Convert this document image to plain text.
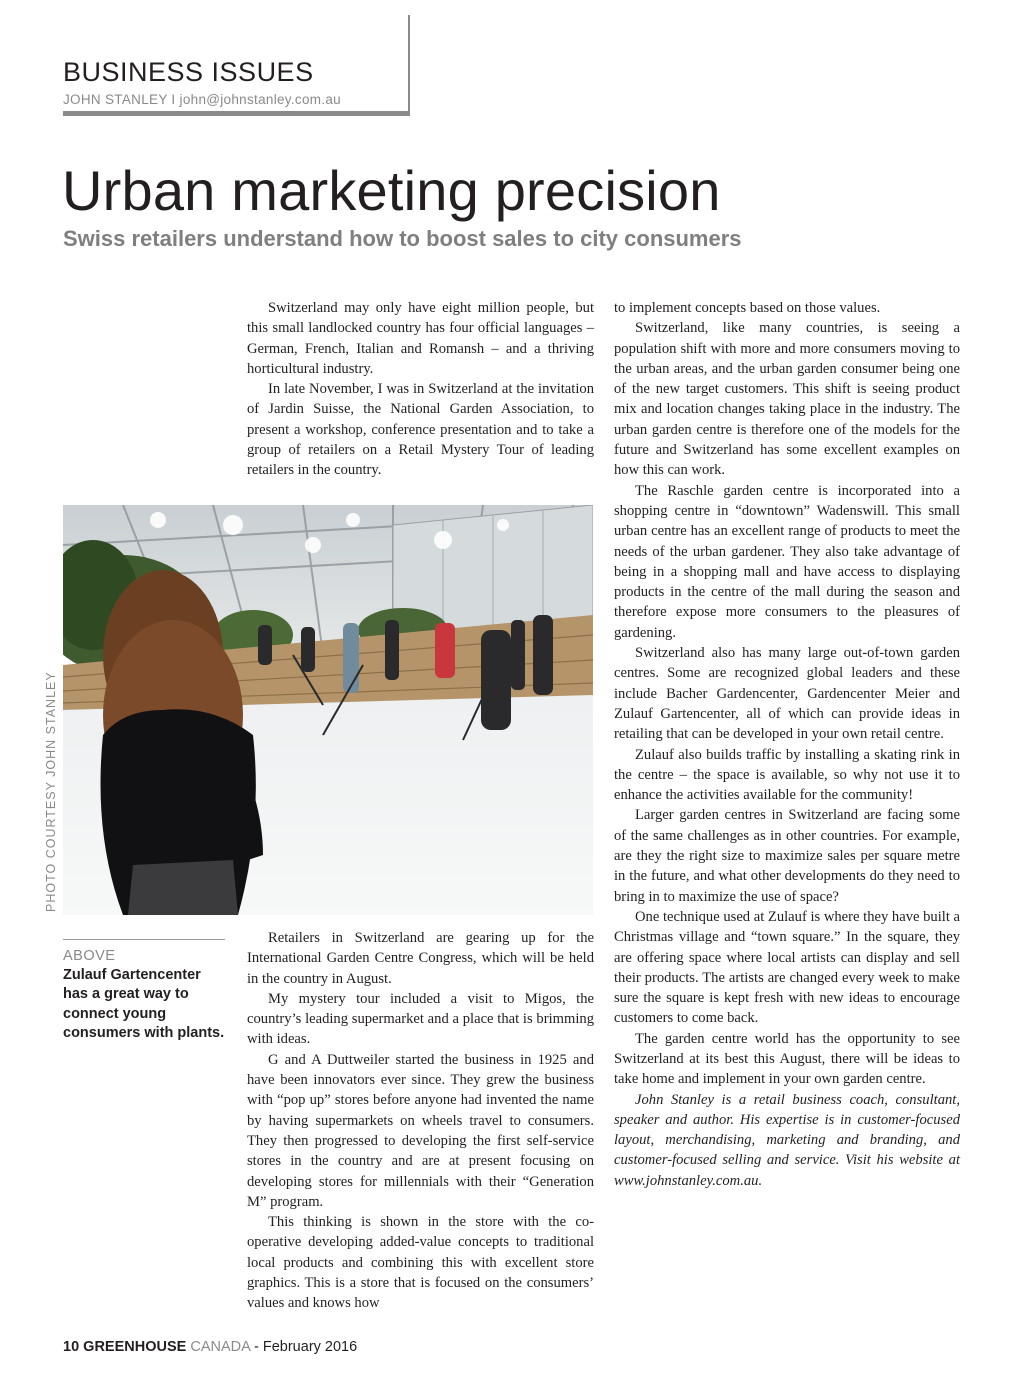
BUSINESS ISSUES
JOHN STANLEY I john@johnstanley.com.au
Urban marketing precision
Swiss retailers understand how to boost sales to city consumers

Switzerland may only have eight million people, but this small landlocked country has four official languages – German, French, Italian and Romansh – and a thriving horticultural industry.

In late November, I was in Switzerland at the invitation of Jardin Suisse, the National Garden Association, to present a workshop, conference presentation and to take a group of retailers on a Retail Mystery Tour of leading retailers in the country.

PHOTO COURTESY JOHN STANLEY
ABOVE
Zulauf Gartencenter has a great way to connect young consumers with plants.

Retailers in Switzerland are gearing up for the International Garden Centre Congress, which will be held in the country in August.

My mystery tour included a visit to Migos, the country’s leading supermarket and a place that is brimming with ideas.

G and A Duttweiler started the business in 1925 and have been innovators ever since. They grew the business with “pop up” stores before anyone had invented the name by having supermarkets on wheels travel to consumers. They then progressed to developing the first self-service stores in the country and are at present focusing on developing stores for millennials with their “Generation M” program.

This thinking is shown in the store with the co-operative developing added-value concepts to traditional local products and combining this with excellent store graphics. This is a store that is focused on the consumers’ values and knows how

to implement concepts based on those values.

Switzerland, like many countries, is seeing a population shift with more and more consumers moving to the urban areas, and the urban garden consumer being one of the new target customers. This shift is seeing product mix and location changes taking place in the industry. The urban garden centre is therefore one of the models for the future and Switzerland has some excellent examples on how this can work.

The Raschle garden centre is incorporated into a shopping centre in “downtown” Wadenswill. This small urban centre has an excellent range of products to meet the needs of the urban gardener. They also take advantage of being in a shopping mall and have access to displaying products in the centre of the mall during the season and therefore expose more consumers to the pleasures of gardening.

Switzerland also has many large out-of-town garden centres. Some are recognized global leaders and these include Bacher Gardencenter, Gardencenter Meier and Zulauf Gartencenter, all of which can provide ideas in retailing that can be developed in your own retail centre.

Zulauf also builds traffic by installing a skating rink in the centre – the space is available, so why not use it to enhance the activities available for the community!

Larger garden centres in Switzerland are facing some of the same challenges as in other countries. For example, are they the right size to maximize sales per square metre in the future, and what other developments do they need to bring in to maximize the use of space?

One technique used at Zulauf is where they have built a Christmas village and “town square.” In the square, they are offering space where local artists can display and sell their products. The artists are changed every week to make sure the square is kept fresh with new ideas to encourage customers to come back.

The garden centre world has the opportunity to see Switzerland at its best this August, there will be ideas to take home and implement in your own garden centre.

John Stanley is a retail business coach, consultant, speaker and author. His expertise is in customer-focused layout, merchandising, marketing and branding, and customer-focused selling and service. Visit his website at www.johnstanley.com.au.

10 GREENHOUSE CANADA - February 2016
